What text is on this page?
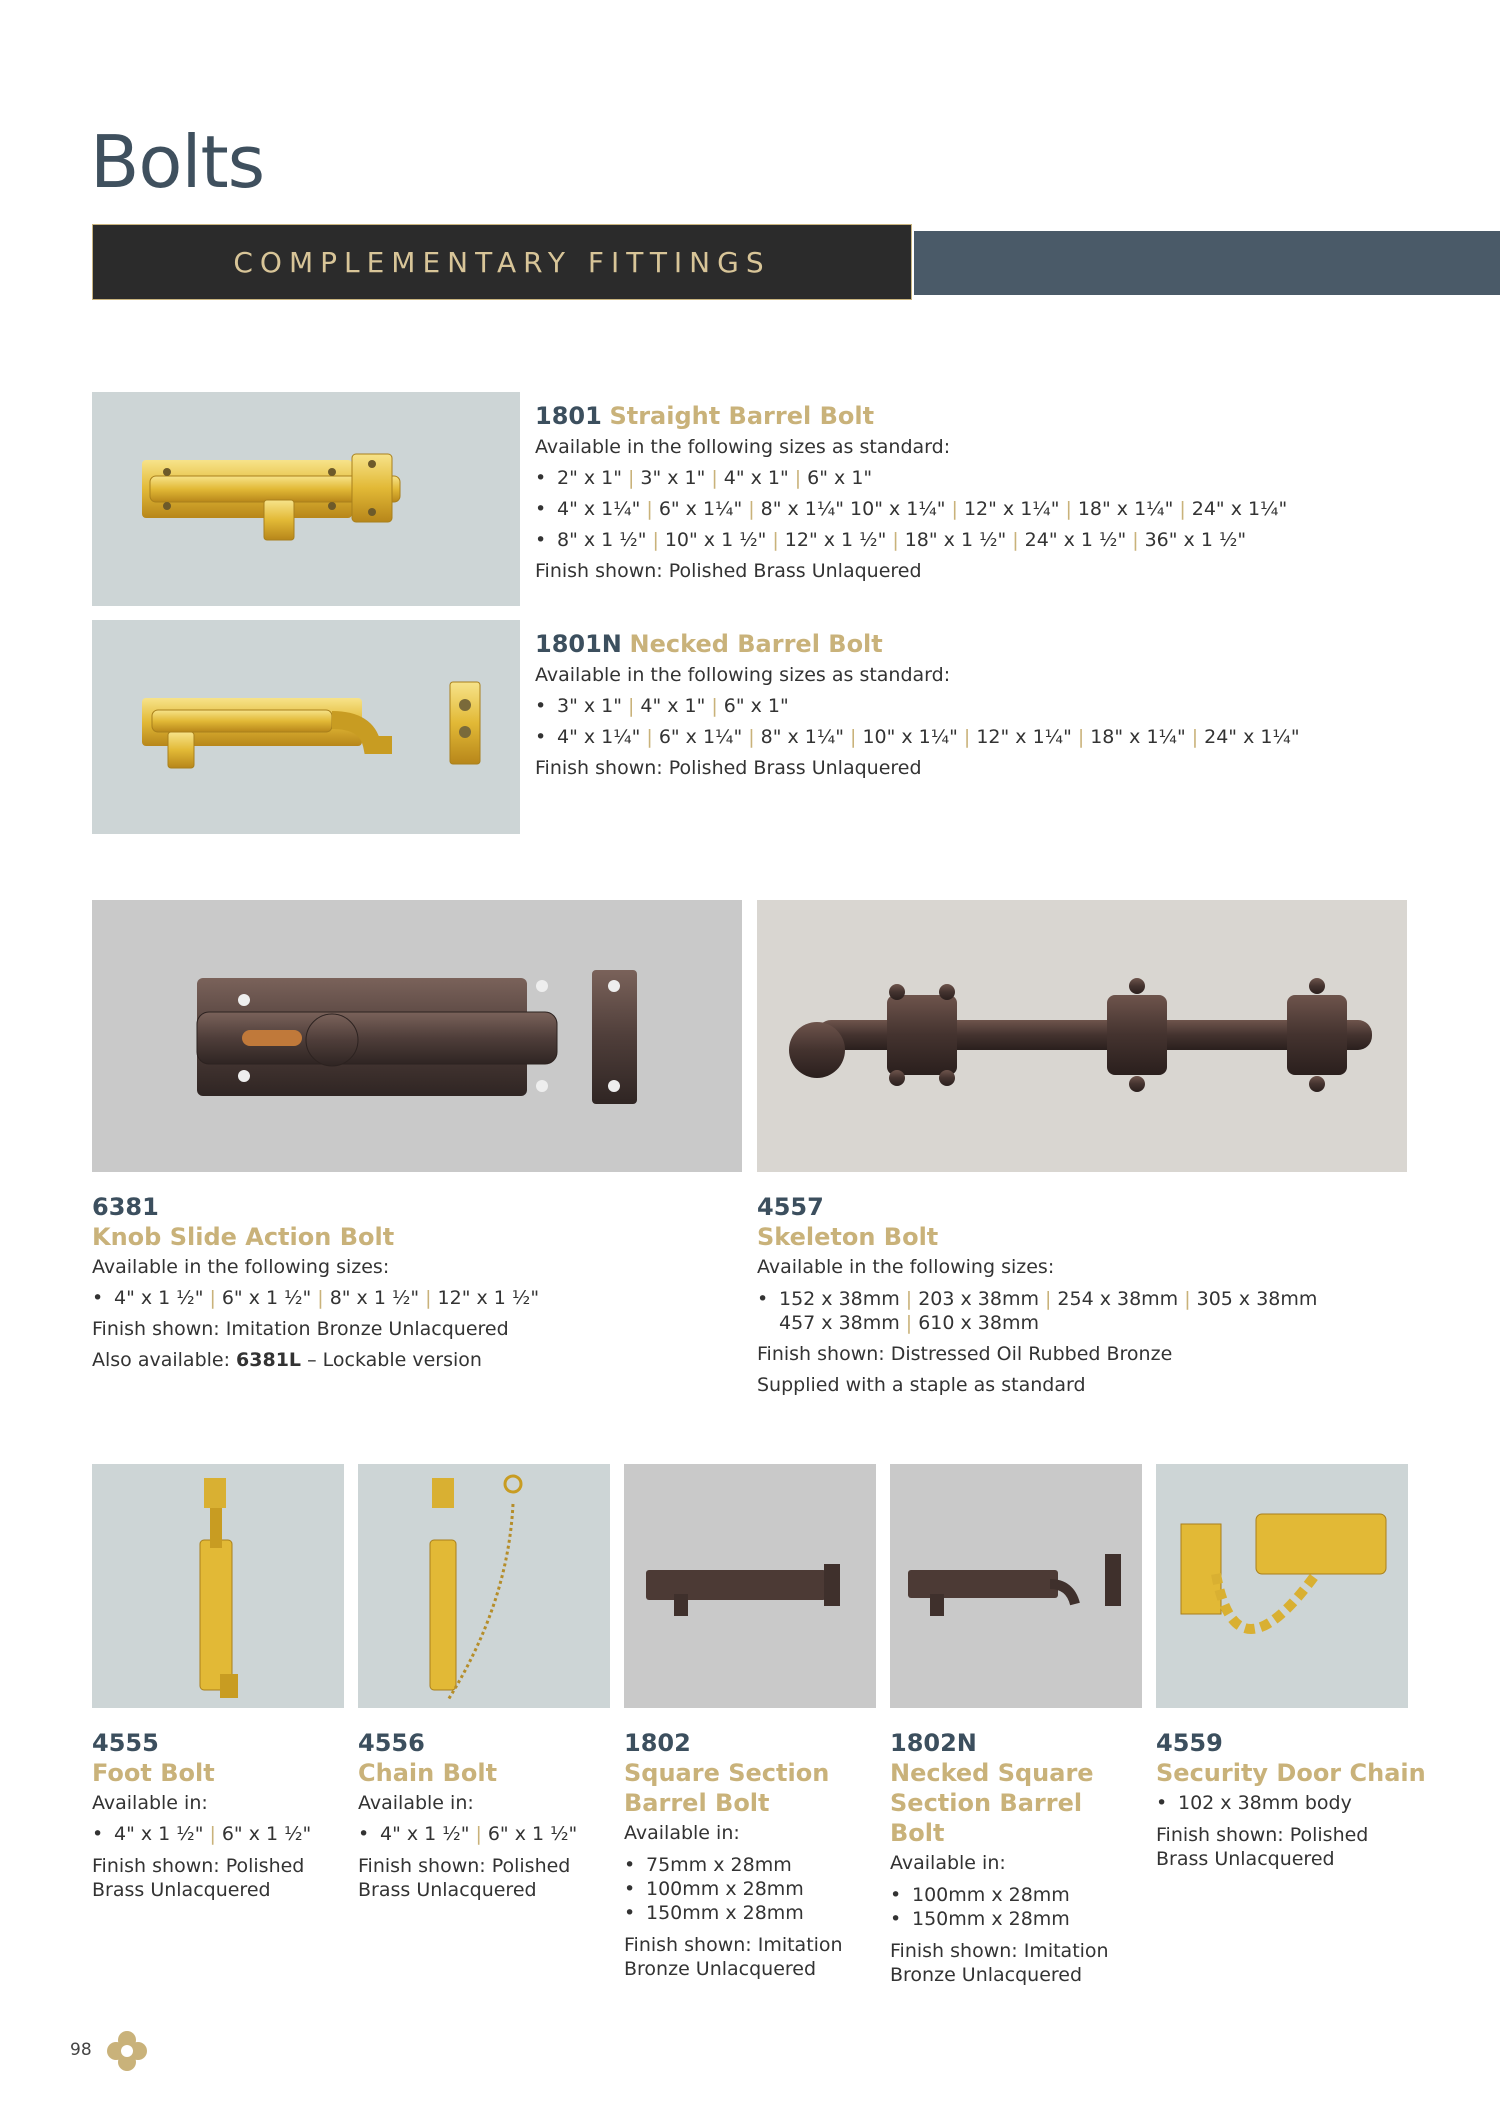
Bolts
COMPLEMENTARY FITTINGS
1801 Straight Barrel Bolt
Available in the following sizes as standard:
• 2" x 1" | 3" x 1" | 4" x 1" | 6" x 1"
• 4" x 1¼" | 6" x 1¼" | 8" x 1¼" 10" x 1¼" | 12" x 1¼" | 18" x 1¼" | 24" x 1¼"
• 8" x 1 ½" | 10" x 1 ½" | 12" x 1 ½" | 18" x 1 ½" | 24" x 1 ½" | 36" x 1 ½"
Finish shown: Polished Brass Unlaquered
1801N Necked Barrel Bolt
Available in the following sizes as standard:
• 3" x 1" | 4" x 1" | 6" x 1"
• 4" x 1¼" | 6" x 1¼" | 8" x 1¼" | 10" x 1¼" | 12" x 1¼" | 18" x 1¼" | 24" x 1¼"
Finish shown: Polished Brass Unlaquered
6381
Knob Slide Action Bolt
Available in the following sizes:
• 4" x 1 ½" | 6" x 1 ½" | 8" x 1 ½" | 12" x 1 ½"
Finish shown: Imitation Bronze Unlacquered
Also available: 6381L – Lockable version
4557
Skeleton Bolt
Available in the following sizes:
• 152 x 38mm | 203 x 38mm | 254 x 38mm | 305 x 38mm
457 x 38mm | 610 x 38mm
Finish shown: Distressed Oil Rubbed Bronze
Supplied with a staple as standard
4555
Foot Bolt
Available in:
• 4" x 1 ½" | 6" x 1 ½"
Finish shown: Polished
Brass Unlacquered
4556
Chain Bolt
Available in:
• 4" x 1 ½" | 6" x 1 ½"
Finish shown: Polished
Brass Unlacquered
1802
Square Section
Barrel Bolt
Available in:
• 75mm x 28mm
• 100mm x 28mm
• 150mm x 28mm
Finish shown: Imitation
Bronze Unlacquered
1802N
Necked Square
Section Barrel Bolt
Available in:
• 100mm x 28mm
• 150mm x 28mm
Finish shown: Imitation
Bronze Unlacquered
4559
Security Door Chain
• 102 x 38mm body
Finish shown: Polished
Brass Unlacquered
98
